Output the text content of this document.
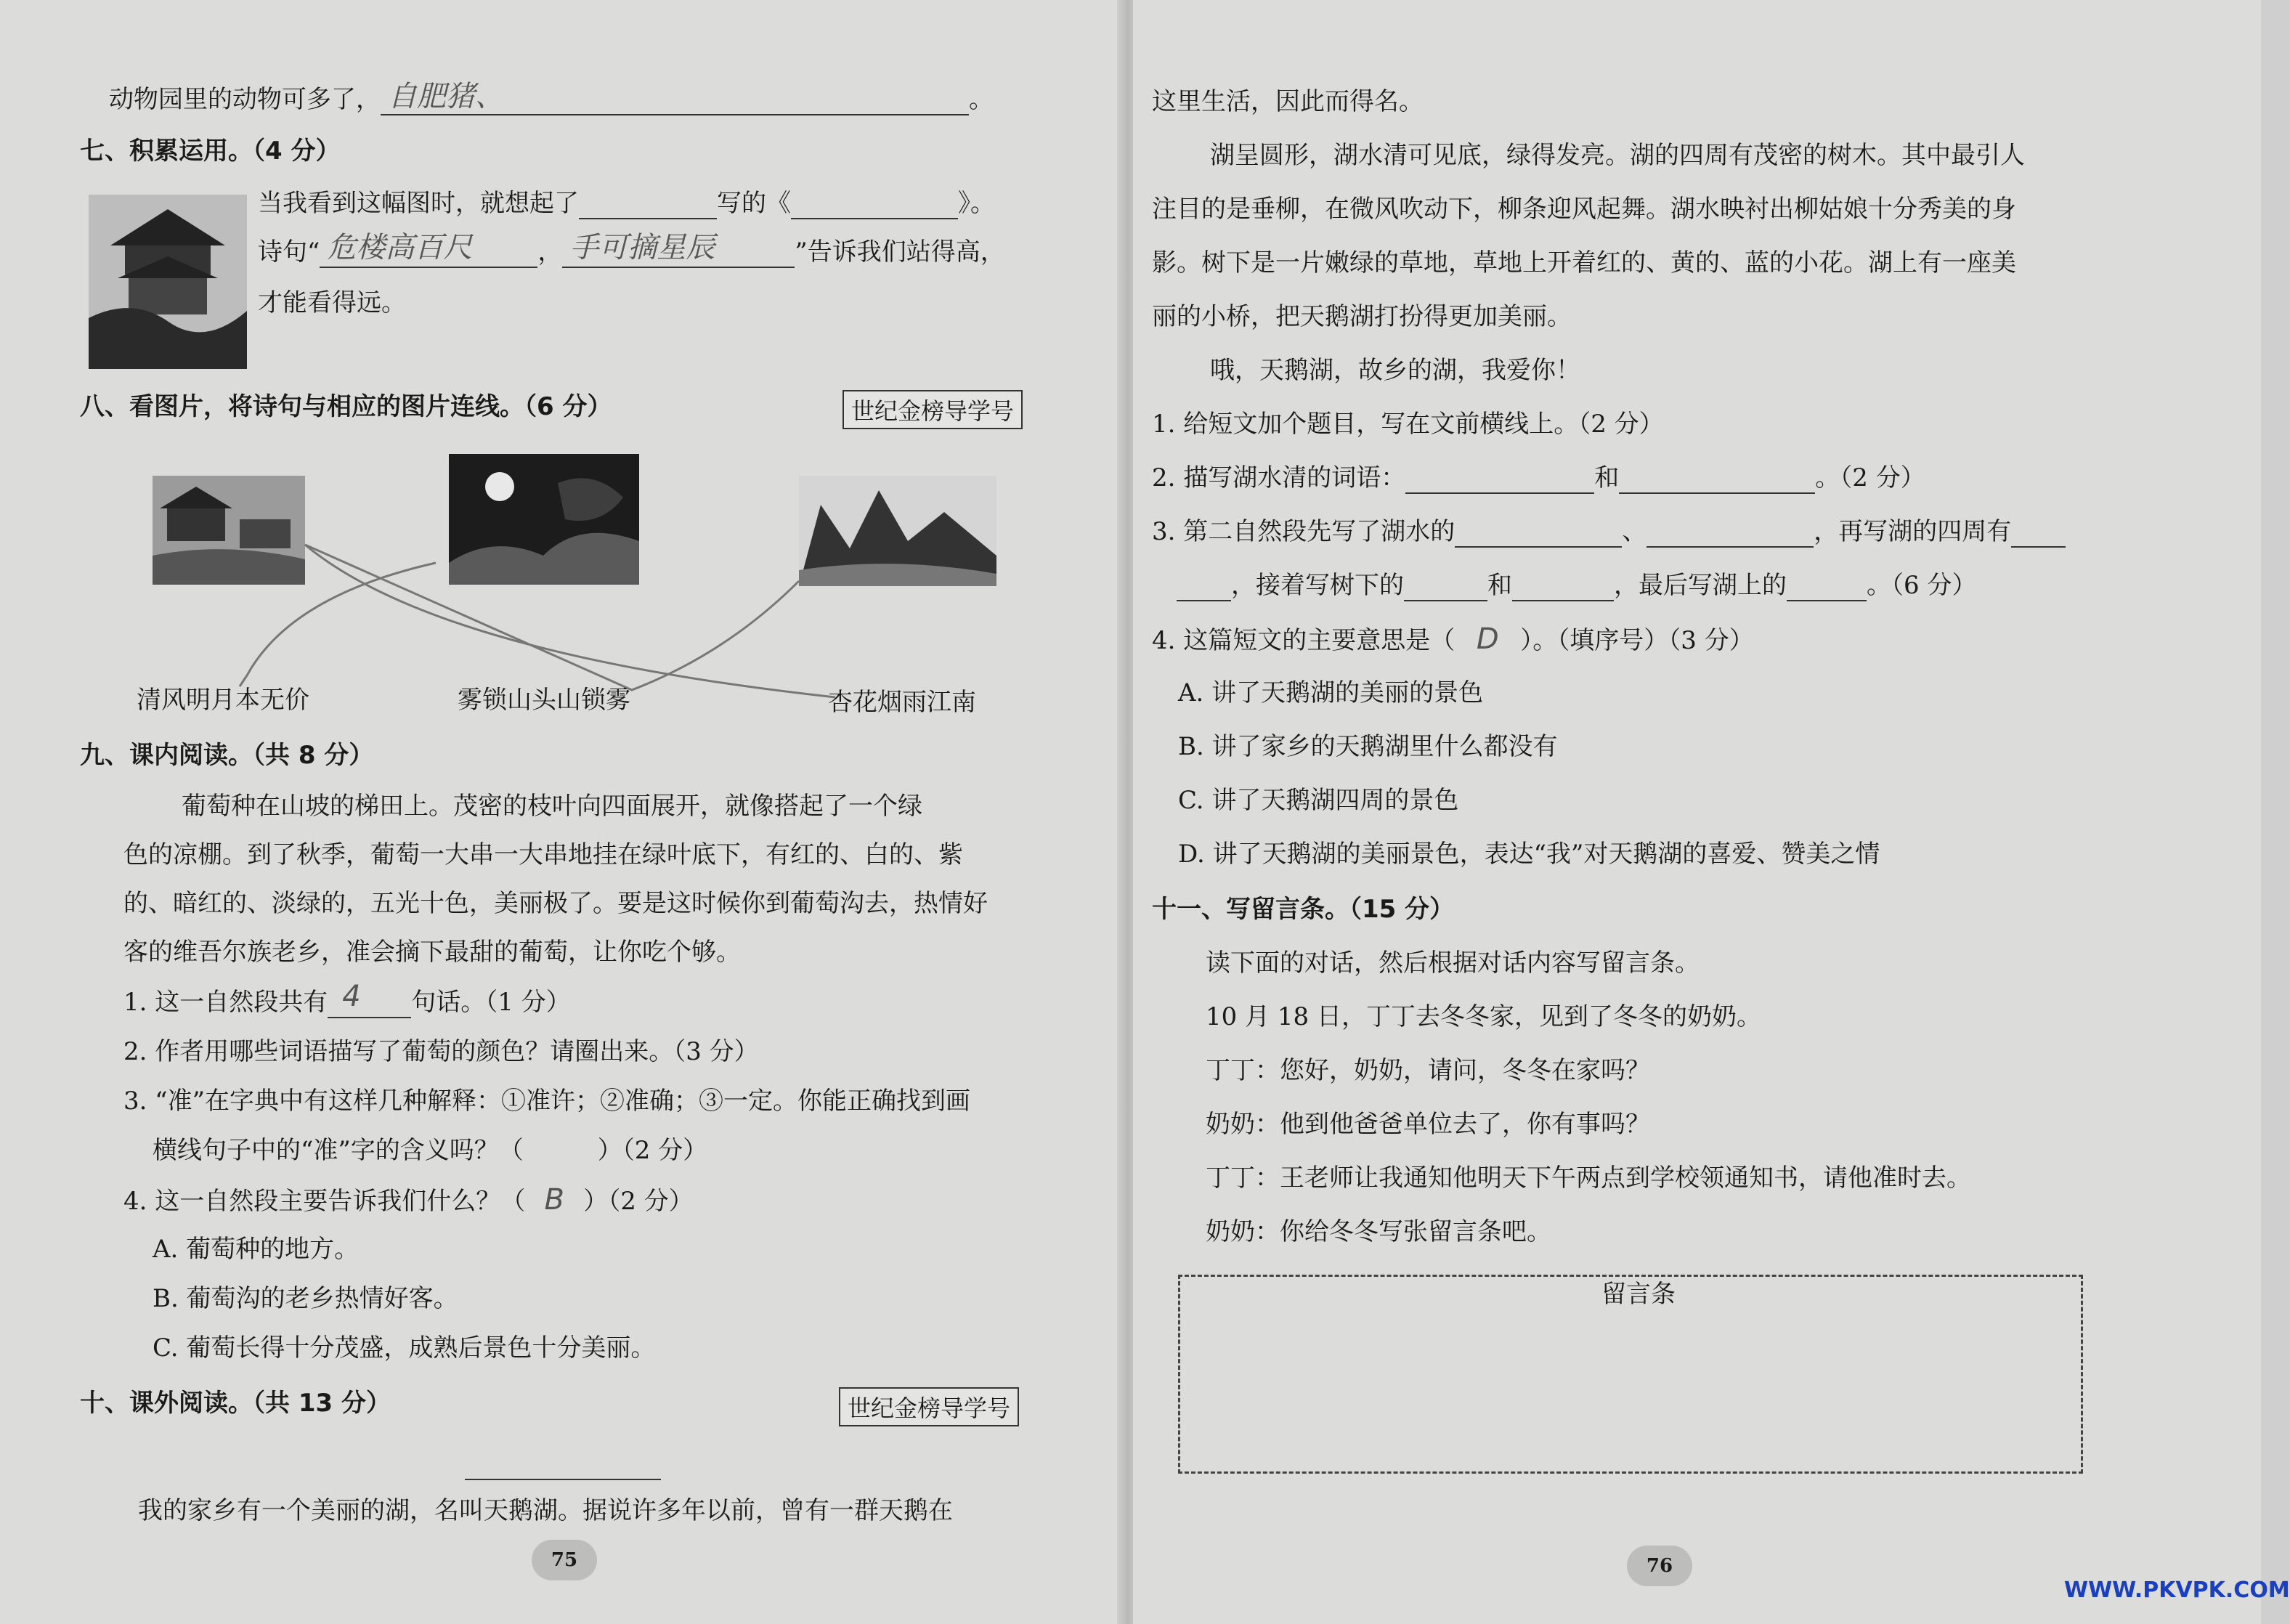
动物园里的动物可多了， 自肥猪、	。
七、积累运用。（4 分）
当我看到这幅图时，就想起了	写的《	》。
诗句“ 危楼高百尺	， 手可摘星辰	”告诉我们站得高，
才能看得远。
八、看图片，将诗句与相应的图片连线。（6 分）	世纪金榜导学号
清风明月本无价	雾锁山头山锁雾	杏花烟雨江南
九、课内阅读。（共 8 分）
葡萄种在山坡的梯田上。茂密的枝叶向四面展开，就像搭起了一个绿
色的凉棚。到了秋季，葡萄一大串一大串地挂在绿叶底下，有红的、白的、紫
的、暗红的、淡绿的，五光十色，美丽极了。要是这时候你到葡萄沟去，热情好
客的维吾尔族老乡，准会摘下最甜的葡萄，让你吃个够。
1. 这一自然段共有 4 句话。（1 分）
2. 作者用哪些词语描写了葡萄的颜色？请圈出来。（3 分）
3. “准”在字典中有这样几种解释：①准许；②准确；③一定。你能正确找到画
横线句子中的“准”字的含义吗？（　　　）（2 分）
4. 这一自然段主要告诉我们什么？（ B ）（2 分）
A. 葡萄种的地方。
B. 葡萄沟的老乡热情好客。
C. 葡萄长得十分茂盛，成熟后景色十分美丽。
十、课外阅读。（共 13 分）	世纪金榜导学号
我的家乡有一个美丽的湖，名叫天鹅湖。据说许多年以前，曾有一群天鹅在
75
这里生活，因此而得名。
湖呈圆形，湖水清可见底，绿得发亮。湖的四周有茂密的树木。其中最引人
注目的是垂柳，在微风吹动下，柳条迎风起舞。湖水映衬出柳姑娘十分秀美的身
影。树下是一片嫩绿的草地，草地上开着红的、黄的、蓝的小花。湖上有一座美
丽的小桥，把天鹅湖打扮得更加美丽。
哦，天鹅湖，故乡的湖，我爱你！
1. 给短文加个题目，写在文前横线上。（2 分）
2. 描写湖水清的词语：	和	。（2 分）
3. 第二自然段先写了湖水的	、	，再写湖的四周有
，接着写树下的	和	，最后写湖上的	。（6 分）
4. 这篇短文的主要意思是（ D ）。（填序号）（3 分）
A. 讲了天鹅湖的美丽的景色
B. 讲了家乡的天鹅湖里什么都没有
C. 讲了天鹅湖四周的景色
D. 讲了天鹅湖的美丽景色，表达“我”对天鹅湖的喜爱、赞美之情
十一、写留言条。（15 分）
读下面的对话，然后根据对话内容写留言条。
10 月 18 日，丁丁去冬冬家，见到了冬冬的奶奶。
丁丁：您好，奶奶，请问，冬冬在家吗？
奶奶：他到他爸爸单位去了，你有事吗？
丁丁：王老师让我通知他明天下午两点到学校领通知书，请他准时去。
奶奶：你给冬冬写张留言条吧。
留言条
76
WWW.PKVPK.COM
